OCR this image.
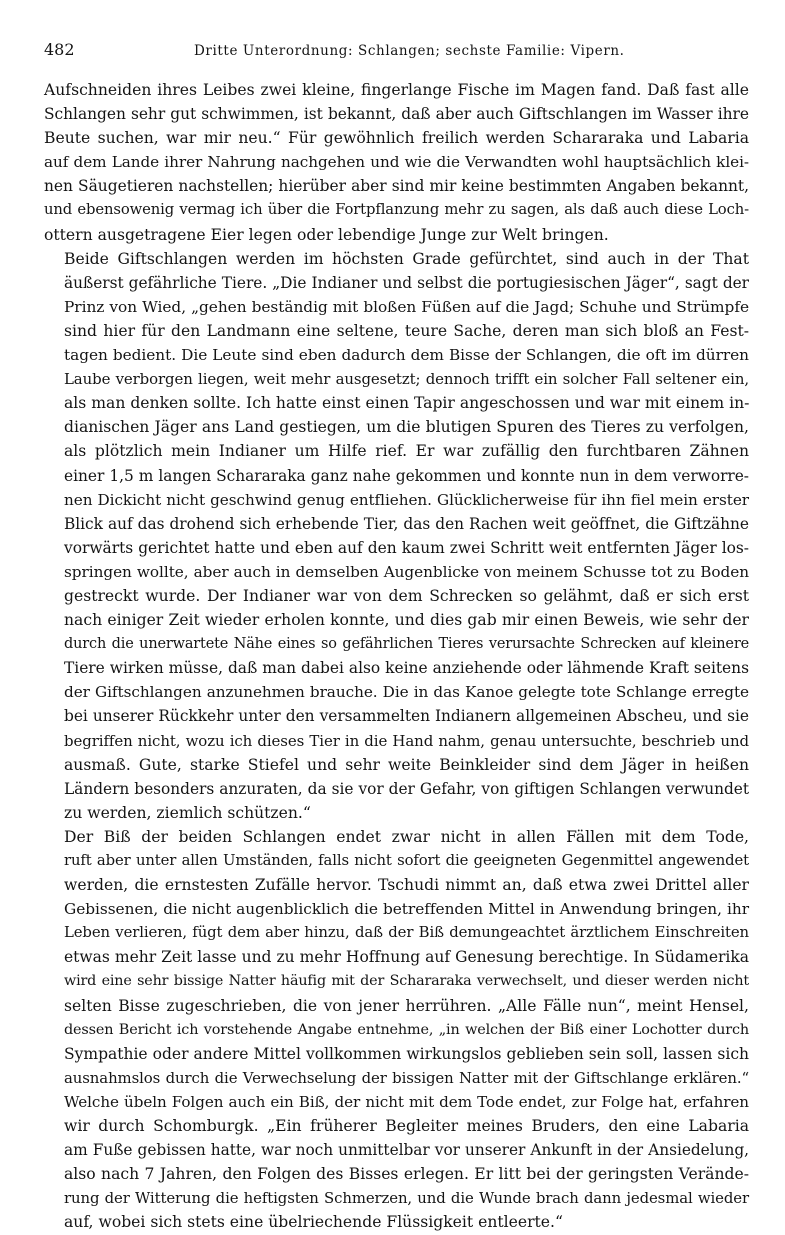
482	Dritte Unterordnung: Schlangen; sechste Familie: Vipern.

Aufschneiden ihres Leibes zwei kleine, fingerlange Fische im Magen fand. Daß fast alle
Schlangen sehr gut schwimmen, ist bekannt, daß aber auch Giftschlangen im Wasser ihre
Beute suchen, war mir neu.“ Für gewöhnlich freilich werden Schararaka und Labaria
auf dem Lande ihrer Nahrung nachgehen und wie die Verwandten wohl hauptsächlich klei-
nen Säugetieren nachstellen; hierüber aber sind mir keine bestimmten Angaben bekannt,
und ebensowenig vermag ich über die Fortpflanzung mehr zu sagen, als daß auch diese Loch-
ottern ausgetragene Eier legen oder lebendige Junge zur Welt bringen.

Beide Giftschlangen werden im höchsten Grade gefürchtet, sind auch in der That
äußerst gefährliche Tiere. „Die Indianer und selbst die portugiesischen Jäger“, sagt der
Prinz von Wied, „gehen beständig mit bloßen Füßen auf die Jagd; Schuhe und Strümpfe
sind hier für den Landmann eine seltene, teure Sache, deren man sich bloß an Fest-
tagen bedient. Die Leute sind eben dadurch dem Bisse der Schlangen, die oft im dürren
Laube verborgen liegen, weit mehr ausgesetzt; dennoch trifft ein solcher Fall seltener ein,
als man denken sollte. Ich hatte einst einen Tapir angeschossen und war mit einem in-
dianischen Jäger ans Land gestiegen, um die blutigen Spuren des Tieres zu verfolgen,
als plötzlich mein Indianer um Hilfe rief. Er war zufällig den furchtbaren Zähnen
einer 1,5 m langen Schararaka ganz nahe gekommen und konnte nun in dem verworre-
nen Dickicht nicht geschwind genug entfliehen. Glücklicherweise für ihn fiel mein erster
Blick auf das drohend sich erhebende Tier, das den Rachen weit geöffnet, die Giftzähne
vorwärts gerichtet hatte und eben auf den kaum zwei Schritt weit entfernten Jäger los-
springen wollte, aber auch in demselben Augenblicke von meinem Schusse tot zu Boden
gestreckt wurde. Der Indianer war von dem Schrecken so gelähmt, daß er sich erst
nach einiger Zeit wieder erholen konnte, und dies gab mir einen Beweis, wie sehr der
durch die unerwartete Nähe eines so gefährlichen Tieres verursachte Schrecken auf kleinere
Tiere wirken müsse, daß man dabei also keine anziehende oder lähmende Kraft seitens
der Giftschlangen anzunehmen brauche. Die in das Kanoe gelegte tote Schlange erregte
bei unserer Rückkehr unter den versammelten Indianern allgemeinen Abscheu, und sie
begriffen nicht, wozu ich dieses Tier in die Hand nahm, genau untersuchte, beschrieb und
ausmaß. Gute, starke Stiefel und sehr weite Beinkleider sind dem Jäger in heißen
Ländern besonders anzuraten, da sie vor der Gefahr, von giftigen Schlangen verwundet
zu werden, ziemlich schützen.“

Der Biß der beiden Schlangen endet zwar nicht in allen Fällen mit dem Tode,
ruft aber unter allen Umständen, falls nicht sofort die geeigneten Gegenmittel angewendet
werden, die ernstesten Zufälle hervor. Tschudi nimmt an, daß etwa zwei Drittel aller
Gebissenen, die nicht augenblicklich die betreffenden Mittel in Anwendung bringen, ihr
Leben verlieren, fügt dem aber hinzu, daß der Biß demungeachtet ärztlichem Einschreiten
etwas mehr Zeit lasse und zu mehr Hoffnung auf Genesung berechtige. In Südamerika
wird eine sehr bissige Natter häufig mit der Schararaka verwechselt, und dieser werden nicht
selten Bisse zugeschrieben, die von jener herrühren. „Alle Fälle nun“, meint Hensel,
dessen Bericht ich vorstehende Angabe entnehme, „in welchen der Biß einer Lochotter durch
Sympathie oder andere Mittel vollkommen wirkungslos geblieben sein soll, lassen sich
ausnahmslos durch die Verwechselung der bissigen Natter mit der Giftschlange erklären.“
Welche übeln Folgen auch ein Biß, der nicht mit dem Tode endet, zur Folge hat, erfahren
wir durch Schomburgk. „Ein früherer Begleiter meines Bruders, den eine Labaria
am Fuße gebissen hatte, war noch unmittelbar vor unserer Ankunft in der Ansiedelung,
also nach 7 Jahren, den Folgen des Bisses erlegen. Er litt bei der geringsten Verände-
rung der Witterung die heftigsten Schmerzen, und die Wunde brach dann jedesmal wieder
auf, wobei sich stets eine übelriechende Flüssigkeit entleerte.“
